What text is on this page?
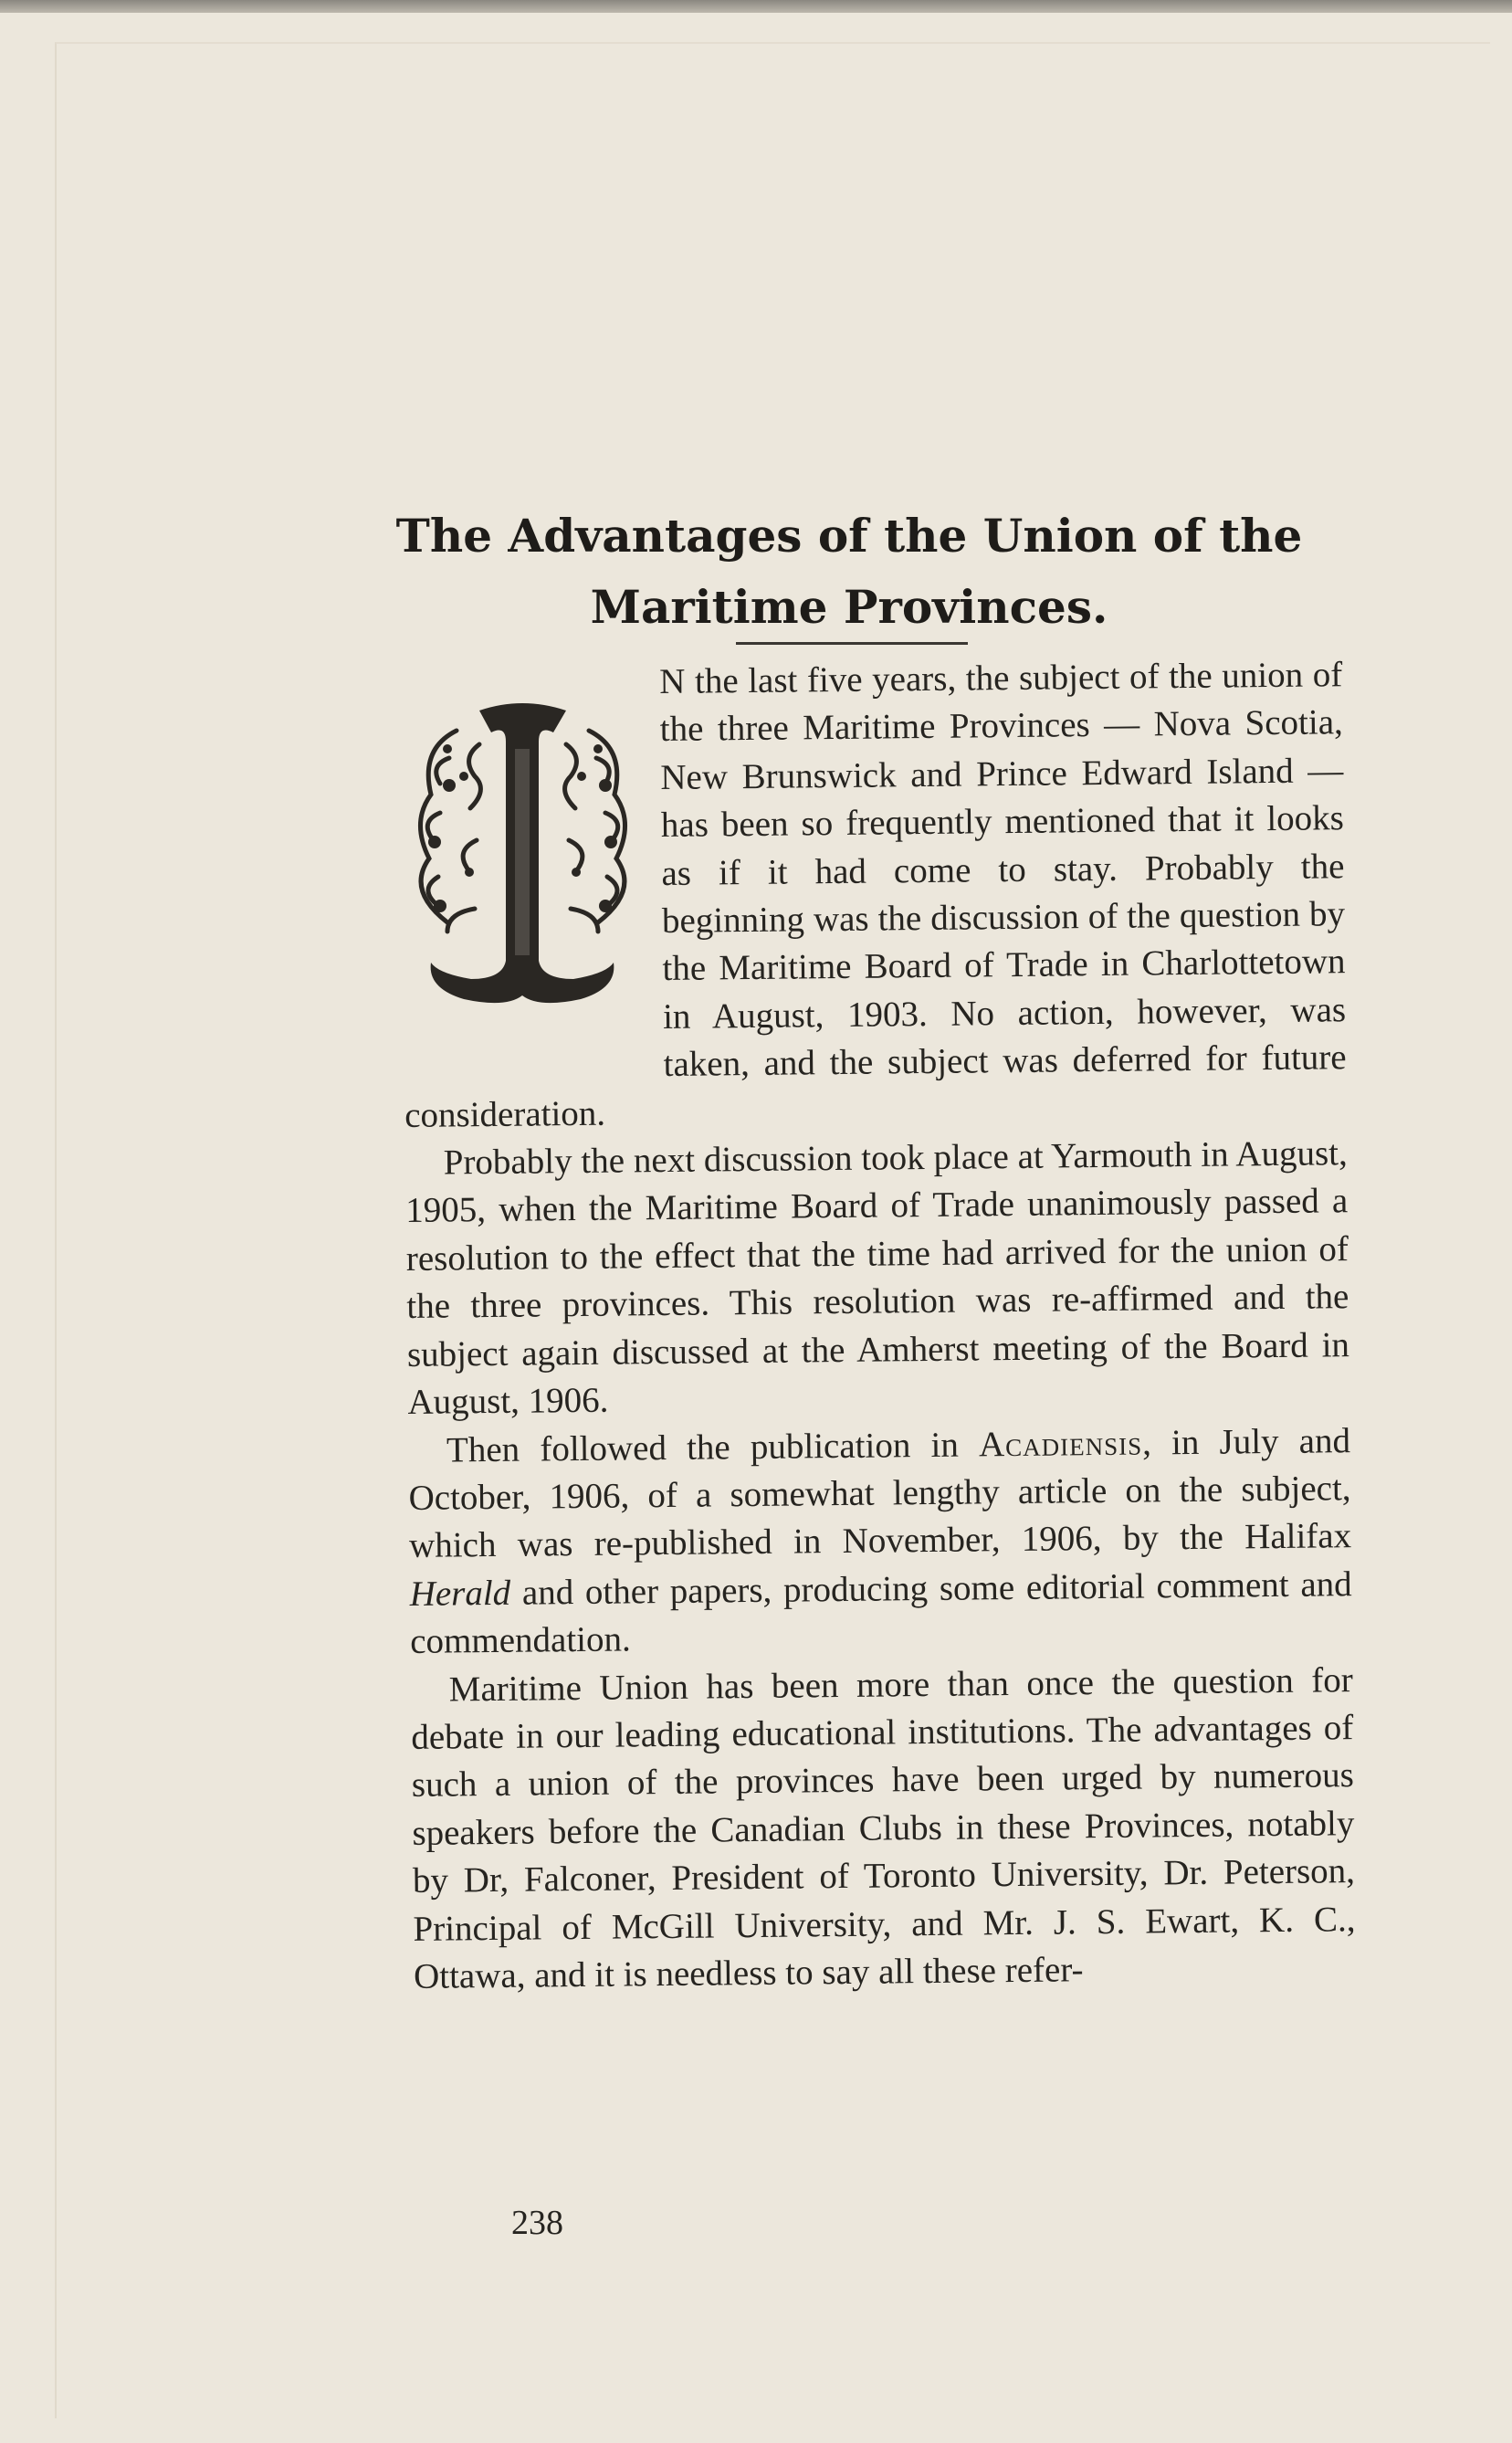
The Advantages of the Union of the
Maritime Provinces.

N the last five years, the subject of the union of the three Maritime Provinces — Nova Scotia, New Brunswick and Prince Edward Island — has been so frequently mentioned that it looks as if it had come to stay. Probably the beginning was the discussion of the question by the Maritime Board of Trade in Charlottetown in August, 1903. No action, however, was taken, and the subject was deferred for future consideration.

Probably the next discussion took place at Yarmouth in August, 1905, when the Maritime Board of Trade unanimously passed a resolution to the effect that the time had arrived for the union of the three provinces. This resolution was re-affirmed and the subject again discussed at the Amherst meeting of the Board in August, 1906.

Then followed the publication in Acadiensis, in July and October, 1906, of a somewhat lengthy article on the subject, which was re-published in November, 1906, by the Halifax Herald and other papers, producing some editorial comment and commendation.

Maritime Union has been more than once the question for debate in our leading educational institutions. The advantages of such a union of the provinces have been urged by numerous speakers before the Canadian Clubs in these Provinces, notably by Dr, Falconer, President of Toronto University, Dr. Peterson, Principal of McGill University, and Mr. J. S. Ewart, K. C., Ottawa, and it is needless to say all these refer-

238
